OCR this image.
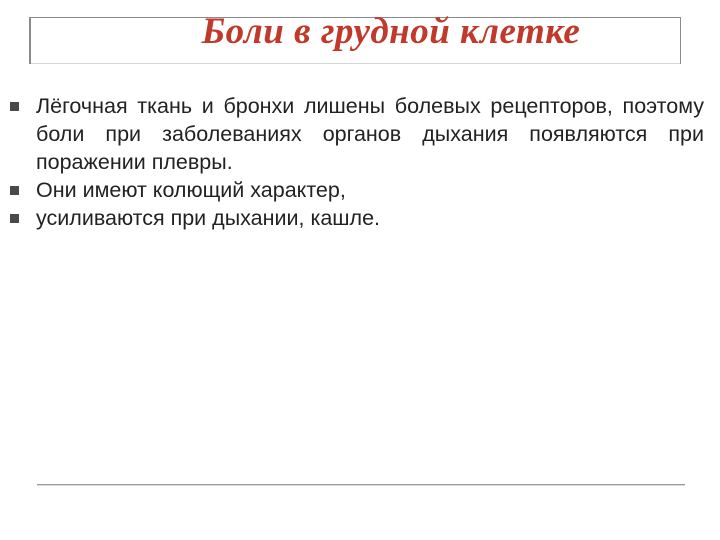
Боли в грудной клетке
Лёгочная ткань и бронхи лишены болевых рецепторов, поэтому боли при заболеваниях органов дыхания появляются при поражении плевры.
Они имеют колющий характер,
усиливаются при дыхании, кашле.
